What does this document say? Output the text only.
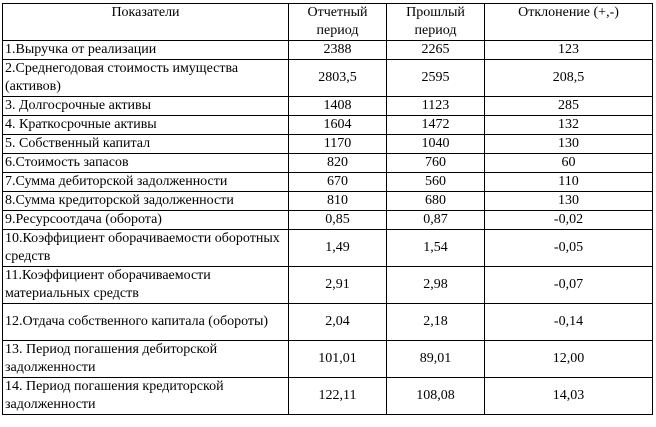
Показатели	Отчетный период	Прошлый период	Отклонение (+,-)
1.Выручка от реализации	2388	2265	123
2.Среднегодовая стоимость имущества (активов)	2803,5	2595	208,5
3. Долгосрочные активы	1408	1123	285
4. Краткосрочные активы	1604	1472	132
5. Собственный капитал	1170	1040	130
6.Стоимость запасов	820	760	60
7.Сумма дебиторской задолженности	670	560	110
8.Сумма кредиторской задолженности	810	680	130
9.Ресурсоотдача (оборота)	0,85	0,87	-0,02
10.Коэффициент оборачиваемости оборотных средств	1,49	1,54	-0,05
11.Коэффициент оборачиваемости материальных средств	2,91	2,98	-0,07
12.Отдача собственного капитала (обороты)	2,04	2,18	-0,14
13. Период погашения дебиторской задолженности	101,01	89,01	12,00
14. Период погашения кредиторской задолженности	122,11	108,08	14,03
